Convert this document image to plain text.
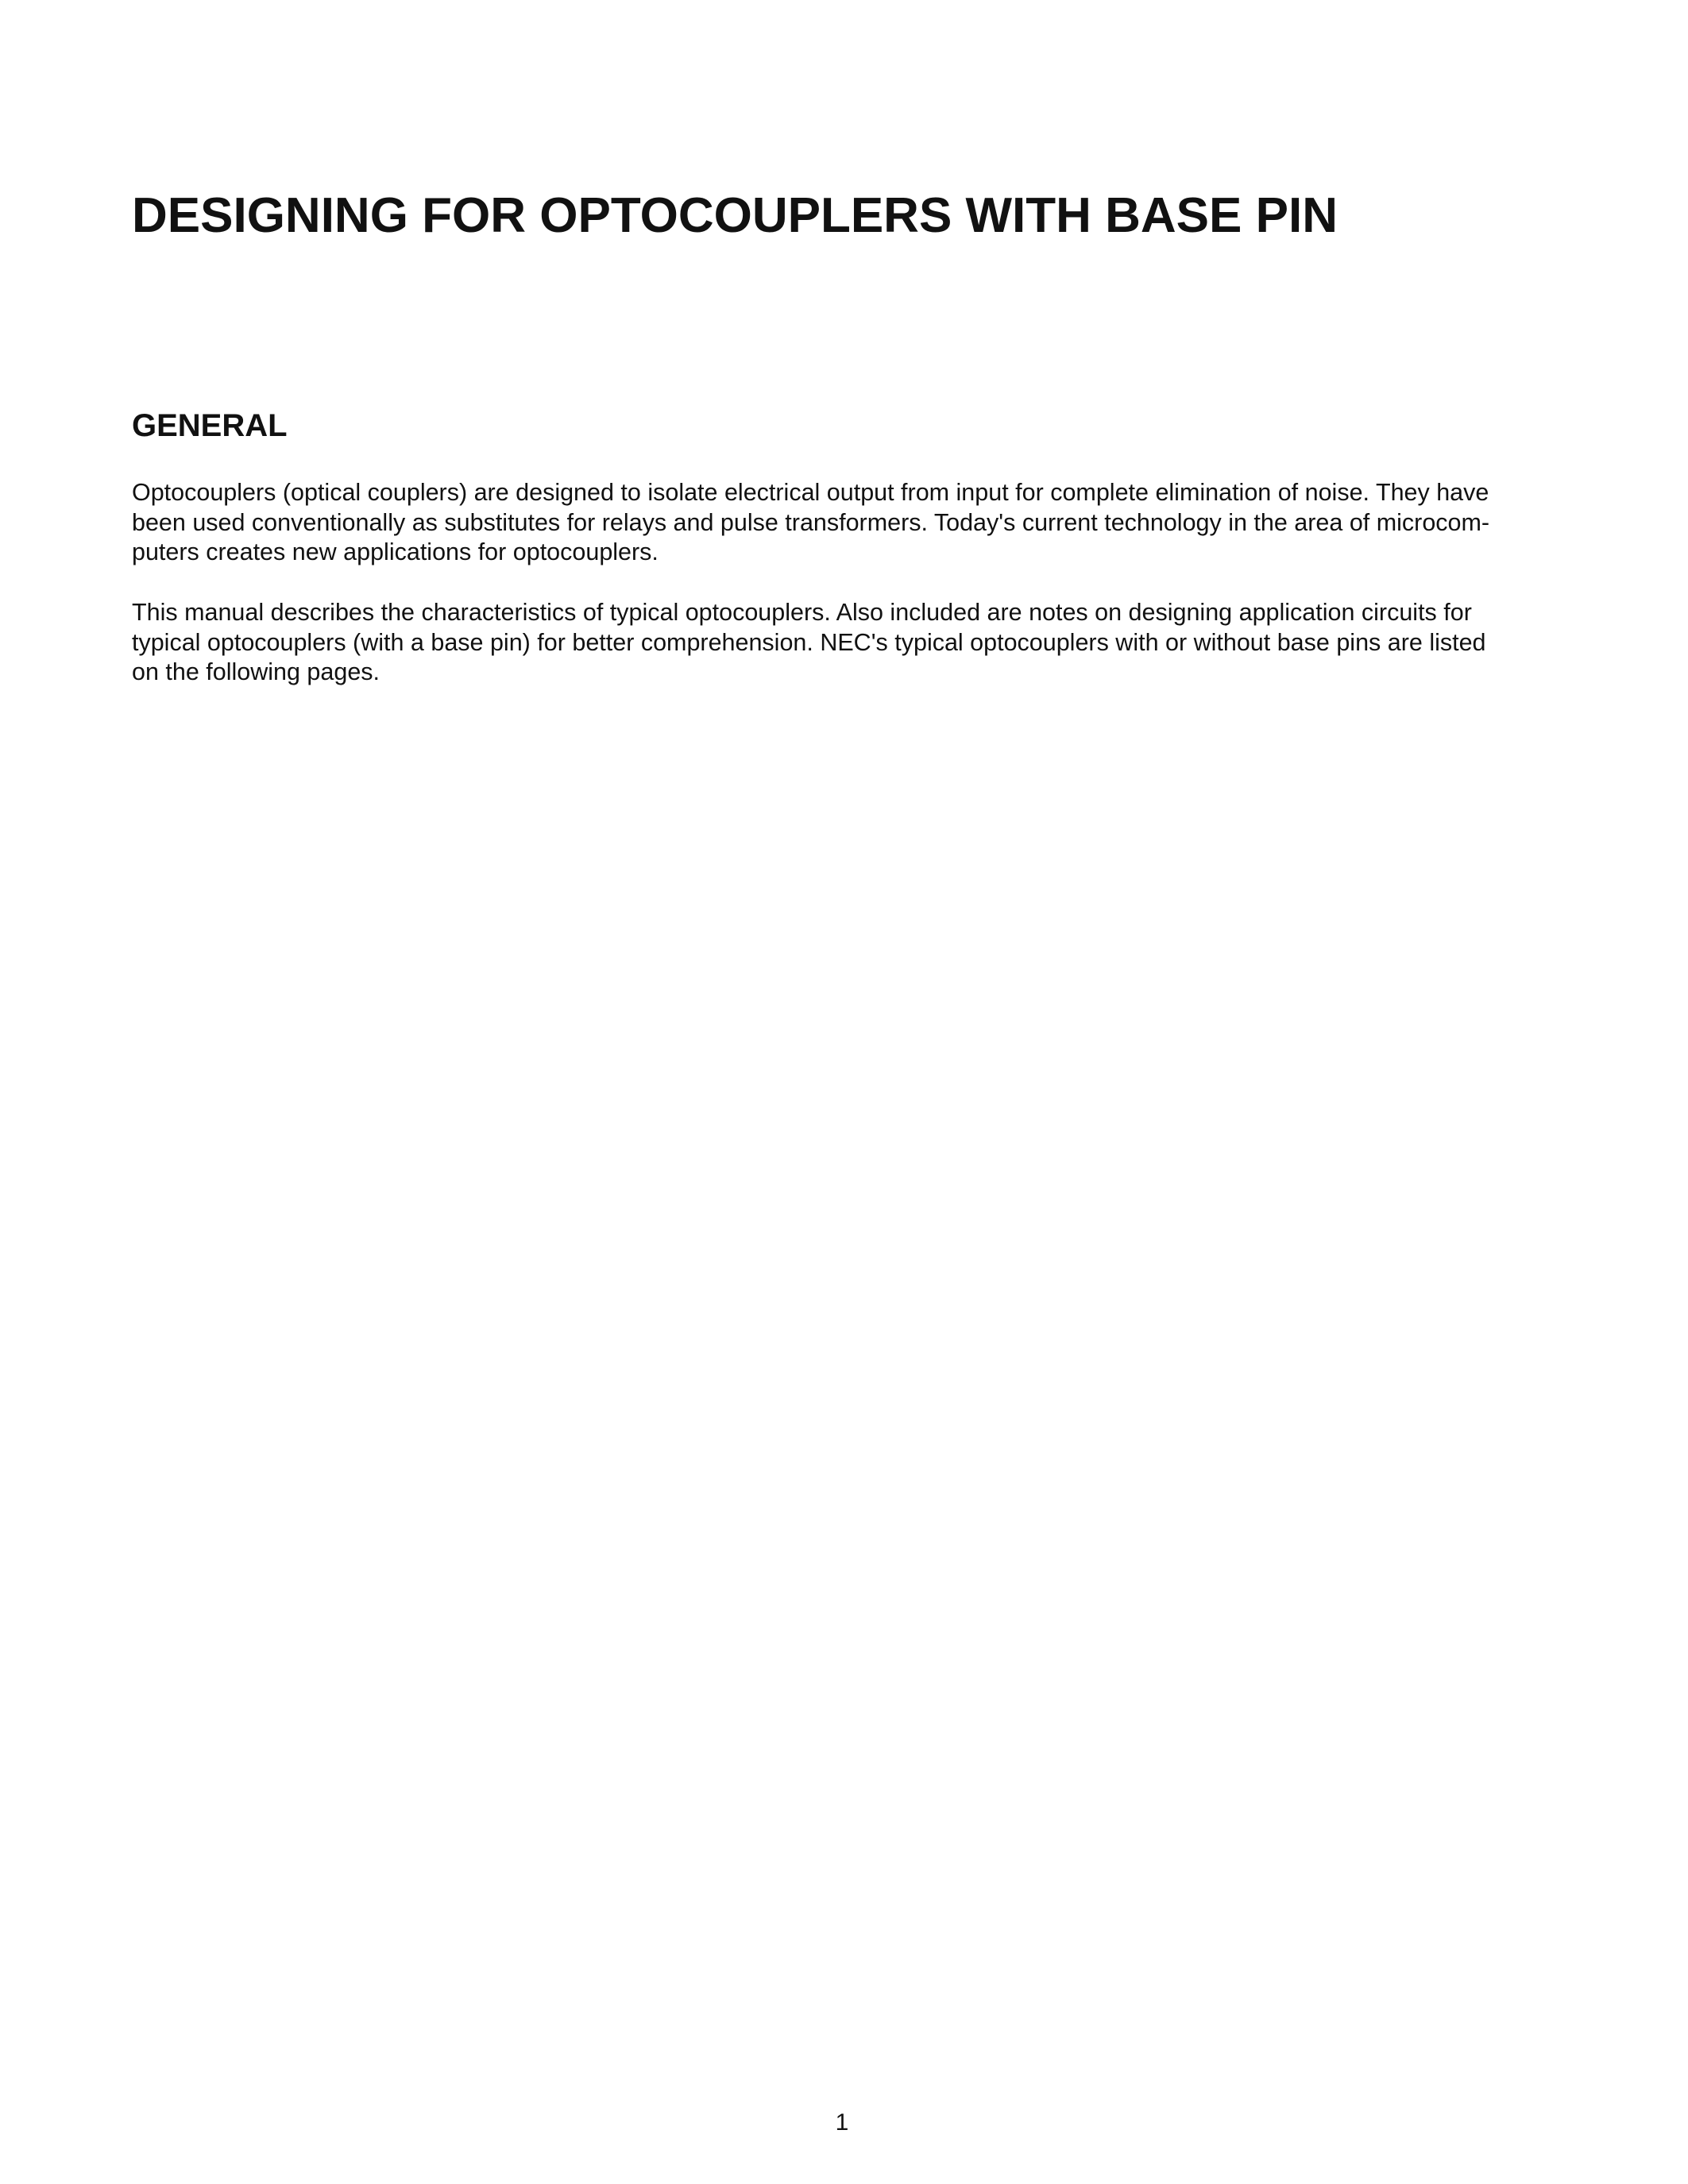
DESIGNING FOR OPTOCOUPLERS WITH BASE PIN
GENERAL

Optocouplers (optical couplers) are designed to isolate electrical output from input for complete elimination of noise. They have
been used conventionally as substitutes for relays and pulse transformers. Today's current technology in the area of microcom-
puters creates new applications for optocouplers.

This manual describes the characteristics of typical optocouplers. Also included are notes on designing application circuits for
typical optocouplers (with a base pin) for better comprehension. NEC's typical optocouplers with or without base pins are listed
on the following pages.

1
